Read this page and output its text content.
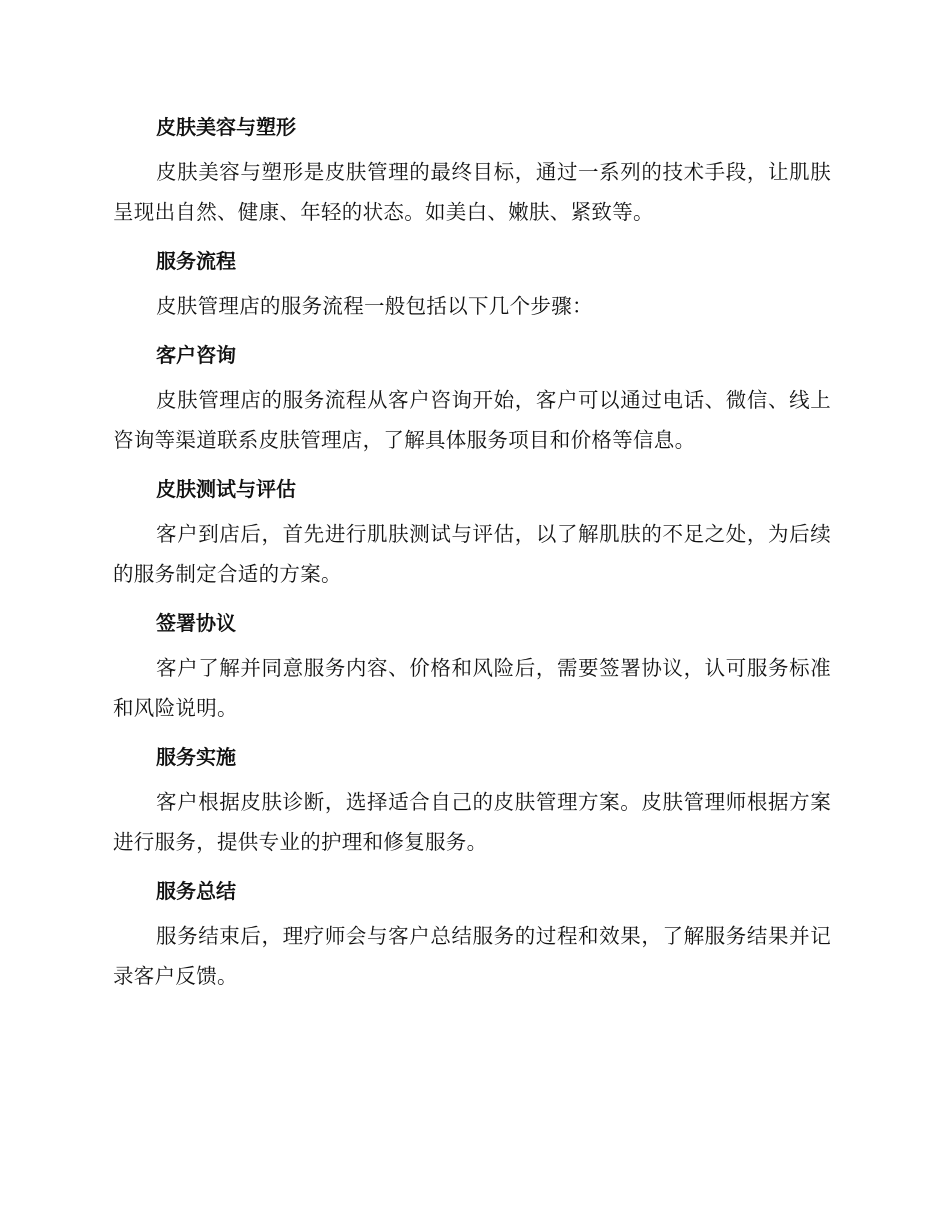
皮肤美容与塑形

皮肤美容与塑形是皮肤管理的最终目标，通过一系列的技术手段，让肌肤呈现出自然、健康、年轻的状态。如美白、嫩肤、紧致等。

服务流程

皮肤管理店的服务流程一般包括以下几个步骤：

客户咨询

皮肤管理店的服务流程从客户咨询开始，客户可以通过电话、微信、线上咨询等渠道联系皮肤管理店，了解具体服务项目和价格等信息。

皮肤测试与评估

客户到店后，首先进行肌肤测试与评估，以了解肌肤的不足之处，为后续的服务制定合适的方案。

签署协议

客户了解并同意服务内容、价格和风险后，需要签署协议，认可服务标准和风险说明。

服务实施

客户根据皮肤诊断，选择适合自己的皮肤管理方案。皮肤管理师根据方案进行服务，提供专业的护理和修复服务。

服务总结

服务结束后，理疗师会与客户总结服务的过程和效果，了解服务结果并记录客户反馈。
